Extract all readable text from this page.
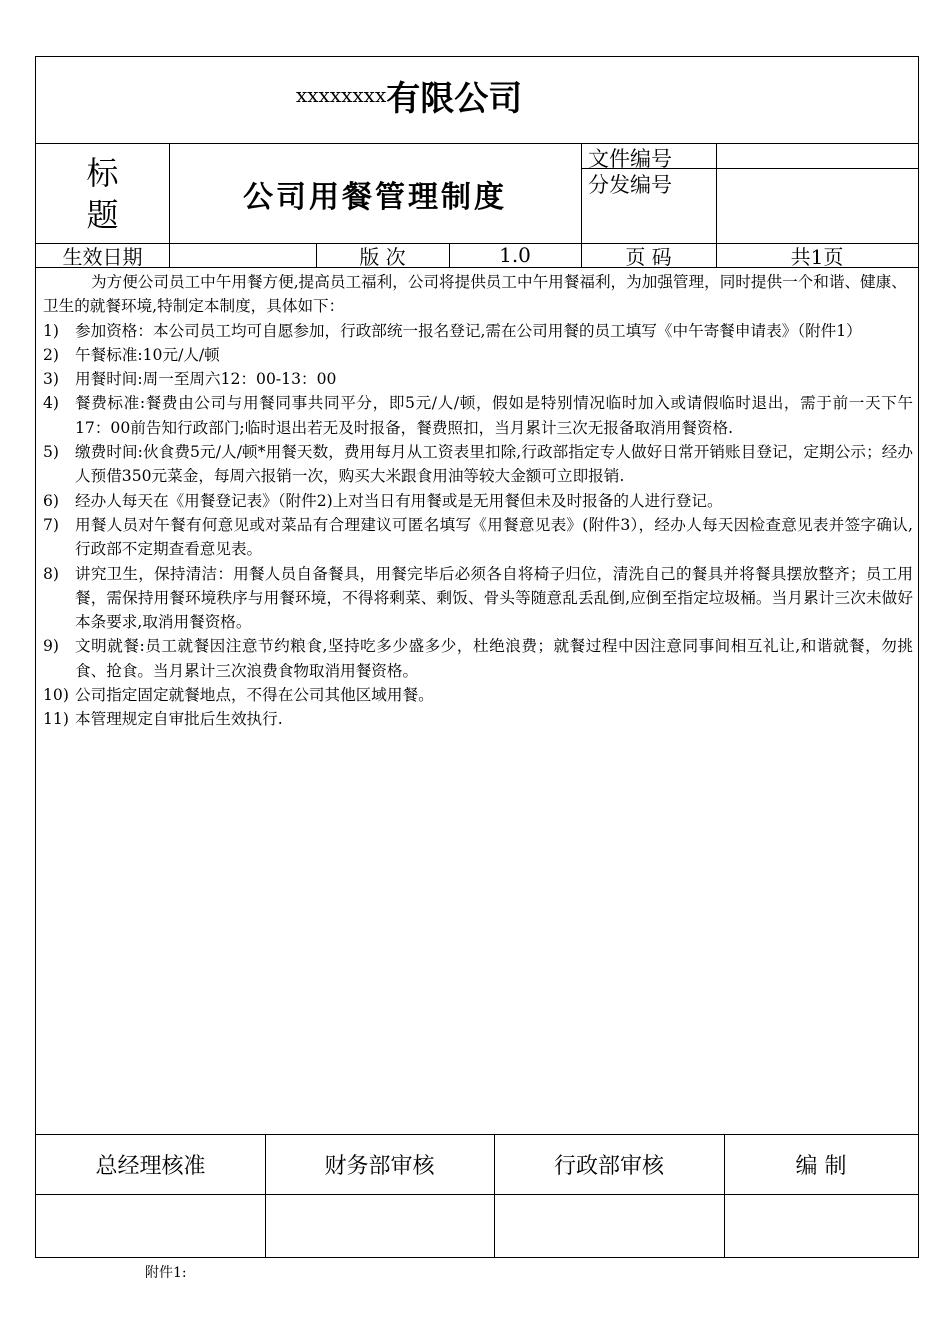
xxxxxxxx 有限公司
标
题	公司用餐管理制度
文件编号
分发编号
生效日期	版 次	1.0	页 码	共1页

为方便公司员工中午用餐方便,提高员工福利，公司将提供员工中午用餐福利，为加强管理，同时提供一个和谐、健康、卫生的就餐环境,特制定本制度，具体如下：

1)	参加资格：本公司员工均可自愿参加，行政部统一报名登记,需在公司用餐的员工填写《中午寄餐申请表》（附件1）
2)	午餐标准:10元/人/顿
3)	用餐时间:周一至周六12：00-13：00
4)	餐费标准:餐费由公司与用餐同事共同平分，即5元/人/顿，假如是特别情况临时加入或请假临时退出，需于前一天下午17：00前告知行政部门;临时退出若无及时报备，餐费照扣，当月累计三次无报备取消用餐资格.
5)	缴费时间:伙食费5元/人/顿*用餐天数，费用每月从工资表里扣除,行政部指定专人做好日常开销账目登记，定期公示；经办人预借350元菜金，每周六报销一次，购买大米跟食用油等较大金额可立即报销.
6)	经办人每天在《用餐登记表》（附件2)上对当日有用餐或是无用餐但未及时报备的人进行登记。
7)	用餐人员对午餐有何意见或对菜品有合理建议可匿名填写《用餐意见表》(附件3），经办人每天因检查意见表并签字确认,行政部不定期查看意见表。
8)	讲究卫生，保持清洁：用餐人员自备餐具，用餐完毕后必须各自将椅子归位，清洗自己的餐具并将餐具摆放整齐；员工用餐，需保持用餐环境秩序与用餐环境，不得将剩菜、剩饭、骨头等随意乱丢乱倒,应倒至指定垃圾桶。当月累计三次未做好本条要求,取消用餐资格。
9)	文明就餐:员工就餐因注意节约粮食,坚持吃多少盛多少，杜绝浪费；就餐过程中因注意同事间相互礼让,和谐就餐，勿挑食、抢食。当月累计三次浪费食物取消用餐资格。
10) 公司指定固定就餐地点，不得在公司其他区域用餐。
11) 本管理规定自审批后生效执行.
总经理核准	财务部审核	行政部审核	编 制
附件1:
